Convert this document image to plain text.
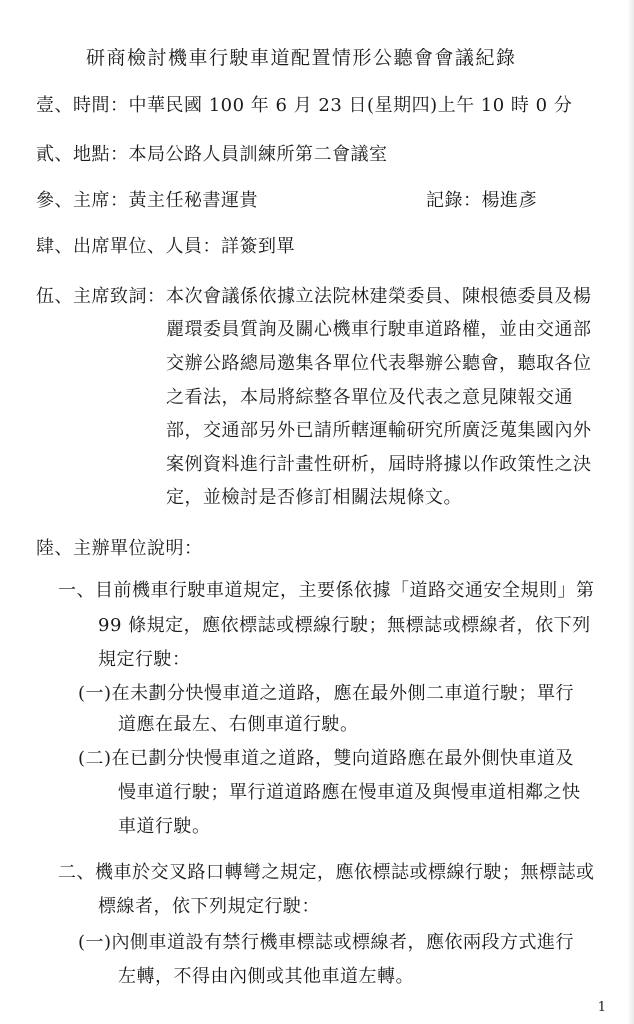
研商檢討機車行駛車道配置情形公聽會會議紀錄
壹、時間：中華民國 100 年 6 月 23 日(星期四)上午 10 時 0 分
貳、地點：本局公路人員訓練所第二會議室
參、主席：黃主任秘書運貴	記錄：楊進彥
肆、出席單位、人員：詳簽到單
伍、主席致詞： 本次會議係依據立法院林建榮委員、陳根德委員及楊
麗環委員質詢及關心機車行駛車道路權，並由交通部
交辦公路總局邀集各單位代表舉辦公聽會，聽取各位
之看法，本局將綜整各單位及代表之意見陳報交通
部，交通部另外已請所轄運輸研究所廣泛蒐集國內外
案例資料進行計畫性研析，屆時將據以作政策性之決
定，並檢討是否修訂相關法規條文。
陸、主辦單位說明：
一、目前機車行駛車道規定，主要係依據「道路交通安全規則」第
99 條規定，應依標誌或標線行駛；無標誌或標線者，依下列
規定行駛：
(一)在未劃分快慢車道之道路，應在最外側二車道行駛；單行
道應在最左、右側車道行駛。
(二)在已劃分快慢車道之道路，雙向道路應在最外側快車道及
慢車道行駛；單行道道路應在慢車道及與慢車道相鄰之快
車道行駛。
二、機車於交叉路口轉彎之規定，應依標誌或標線行駛；無標誌或
標線者，依下列規定行駛：
(一)內側車道設有禁行機車標誌或標線者，應依兩段方式進行
左轉，不得由內側或其他車道左轉。
1
